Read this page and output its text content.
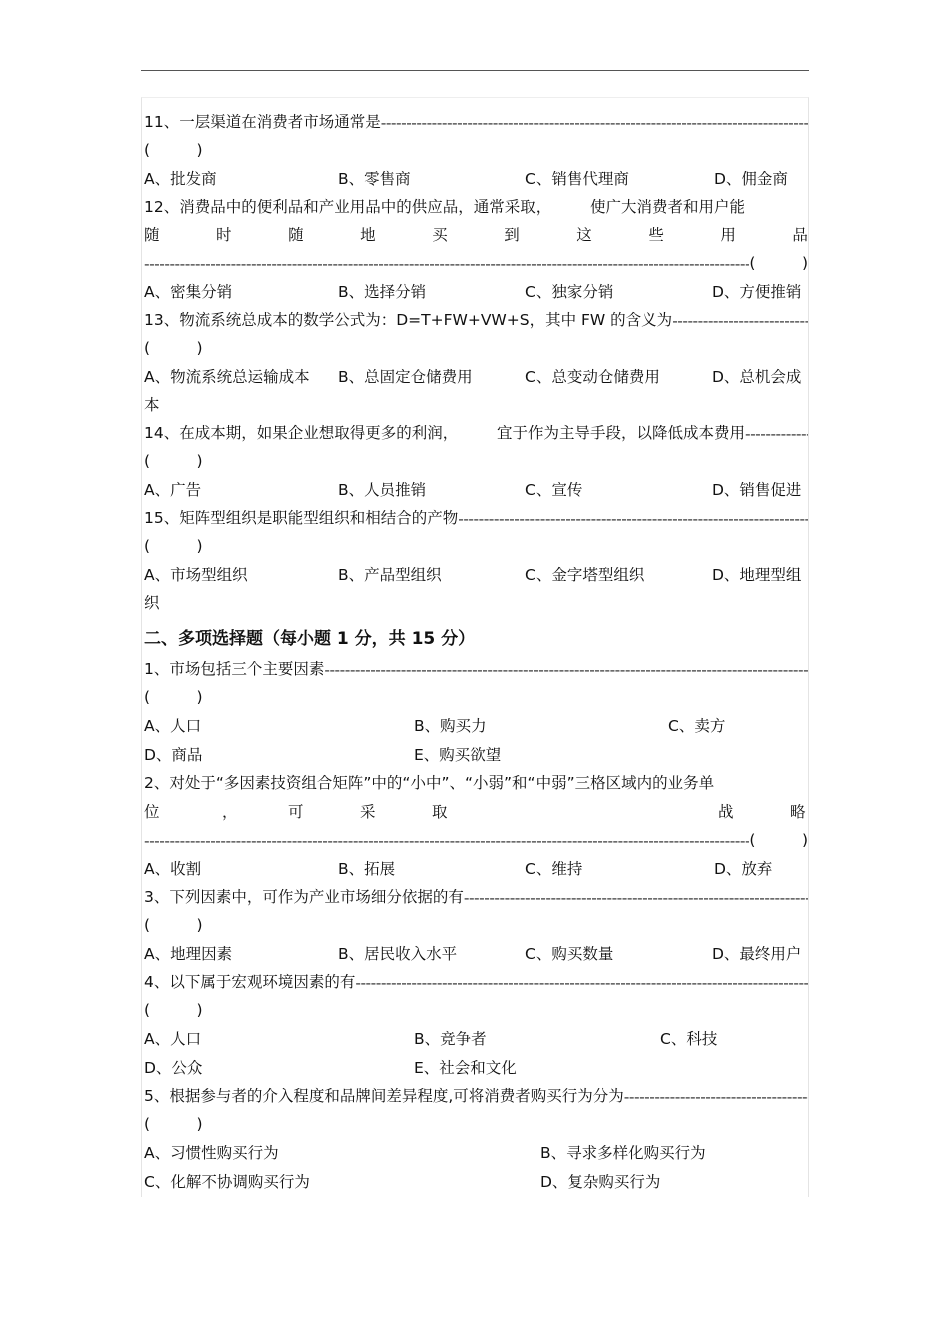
11、一层渠道在消费者市场通常是
-----
(　　　)
A、批发商	B、零售商	C、销售代理商	D、佣金商
12、消费品中的便利品和产业用品中的供应品，通常采取，　　　使广大消费者和用户能
随	时	随	地	买	到	这	些	用	品
-----
(　　　)
A、密集分销	B、选择分销	C、独家分销	D、方便推销
13、物流系统总成本的数学公式为：D=T+FW+VW+S，其中 FW 的含义为
-----
(　　　)
A、物流系统总运输成本 B、总固定仓储费用	C、总变动仓储费用	D、总机会成
本
14、在成本期，如果企业想取得更多的利润，　　　宜于作为主导手段，以降低成本费用
-----
(　　　)
A、广告	B、人员推销	C、宣传	D、销售促进
15、矩阵型组织是职能型组织和相结合的产物
-----
(　　　)
A、市场型组织	B、产品型组织	C、金字塔型组织	D、地理型组
织
二、多项选择题（每小题 1 分，共 15 分）
1、市场包括三个主要因素
-----
(　　　)
A、人口	B、购买力	C、卖方
D、商品	E、购买欲望
2、对处于“多因素技资组合矩阵”中的“小中”、“小弱”和“中弱”三格区域内的业务单
位	，	可	采	取	战	略
-----
(　　　)
A、收割	B、拓展	C、维持	D、放弃
3、下列因素中，可作为产业市场细分依据的有
-----
(　　　)
A、地理因素	B、居民收入水平	C、购买数量	D、最终用户
4、以下属于宏观环境因素的有
-----
(　　　)
A、人口	B、竞争者	C、科技
D、公众	E、社会和文化
5、根据参与者的介入程度和品牌间差异程度,可将消费者购买行为分为
-----
(　　　)
A、习惯性购买行为	B、寻求多样化购买行为
C、化解不协调购买行为	D、复杂购买行为
